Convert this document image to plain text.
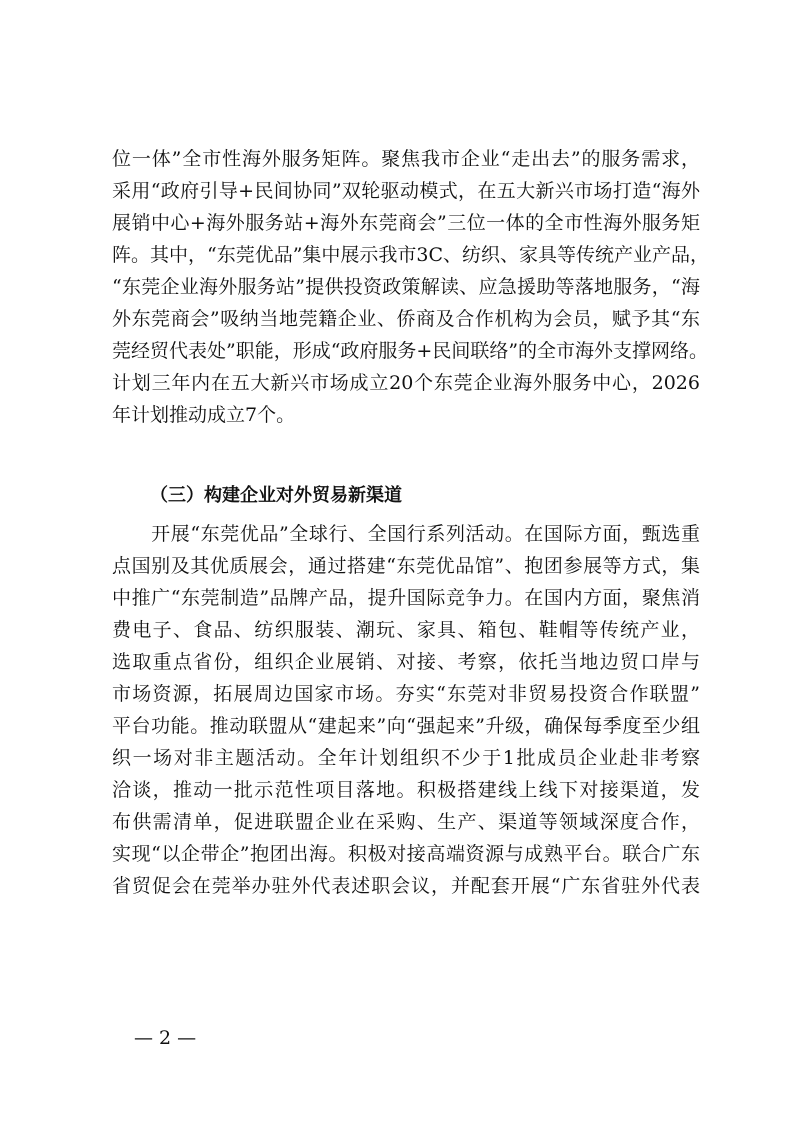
位一体”全市性海外服务矩阵。聚焦我市企业“走出去”的服务需求，
采用“政府引导+民间协同”双轮驱动模式，在五大新兴市场打造“海外
展销中心+海外服务站+海外东莞商会”三位一体的全市性海外服务矩
阵。其中，“东莞优品”集中展示我市3C、纺织、家具等传统产业产品，
“东莞企业海外服务站”提供投资政策解读、应急援助等落地服务，“海
外东莞商会”吸纳当地莞籍企业、侨商及合作机构为会员，赋予其“东
莞经贸代表处”职能，形成“政府服务+民间联络”的全市海外支撑网络。
计划三年内在五大新兴市场成立20个东莞企业海外服务中心，2026
年计划推动成立7个。
（三）构建企业对外贸易新渠道
　　开展“东莞优品”全球行、全国行系列活动。在国际方面，甄选重
点国别及其优质展会，通过搭建“东莞优品馆”、抱团参展等方式，集
中推广“东莞制造”品牌产品，提升国际竞争力。在国内方面，聚焦消
费电子、食品、纺织服装、潮玩、家具、箱包、鞋帽等传统产业，
选取重点省份，组织企业展销、对接、考察，依托当地边贸口岸与
市场资源，拓展周边国家市场。夯实“东莞对非贸易投资合作联盟”
平台功能。推动联盟从“建起来”向“强起来”升级，确保每季度至少组
织一场对非主题活动。全年计划组织不少于1批成员企业赴非考察
洽谈，推动一批示范性项目落地。积极搭建线上线下对接渠道，发
布供需清单，促进联盟企业在采购、生产、渠道等领域深度合作，
实现“以企带企”抱团出海。积极对接高端资源与成熟平台。联合广东
省贸促会在莞举办驻外代表述职会议，并配套开展“广东省驻外代表
— 2 —
